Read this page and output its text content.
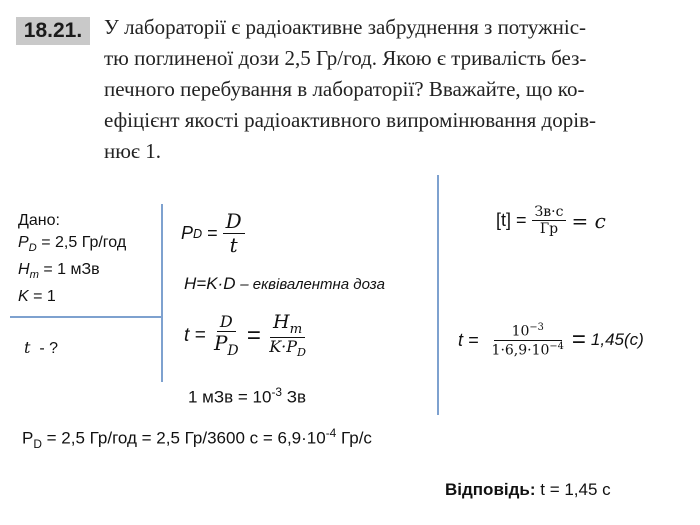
18.21. У лабораторії є радіоактивне забруднення з потужніс-
тю поглиненої дози 2,5 Гр/год. Якою є тривалість без-
печного перебування в лабораторії? Вважайте, що ко-
ефіцієнт якості радіоактивного випромінювання дорів-
нює 1.
Дано:
$P_D = 2,5$ Гр/год
$H_m = 1$ мЗв
K = 1
t - ?
P D
=
$\frac{D}{t}$
H=K·D – еквівалентна доза
t =
$\frac{D}{P_D}$
=
$\frac{H_m}{K\cdot P_D}$
1 мЗв = $10^{-3}$ Зв
[t] =
$\frac{Зв\cdot с}{Гр}$
= c
t =
$\frac{10^{-3}}{1\cdot 6,9\cdot 10^{-4}}$
=
1,45(с)
$P_D = 2,5$ Гр/год = 2,5 Гр/3600 $с = 6,9\cdot 10^{-4}$ Гр/с
Відповідь: t = 1,45 с
